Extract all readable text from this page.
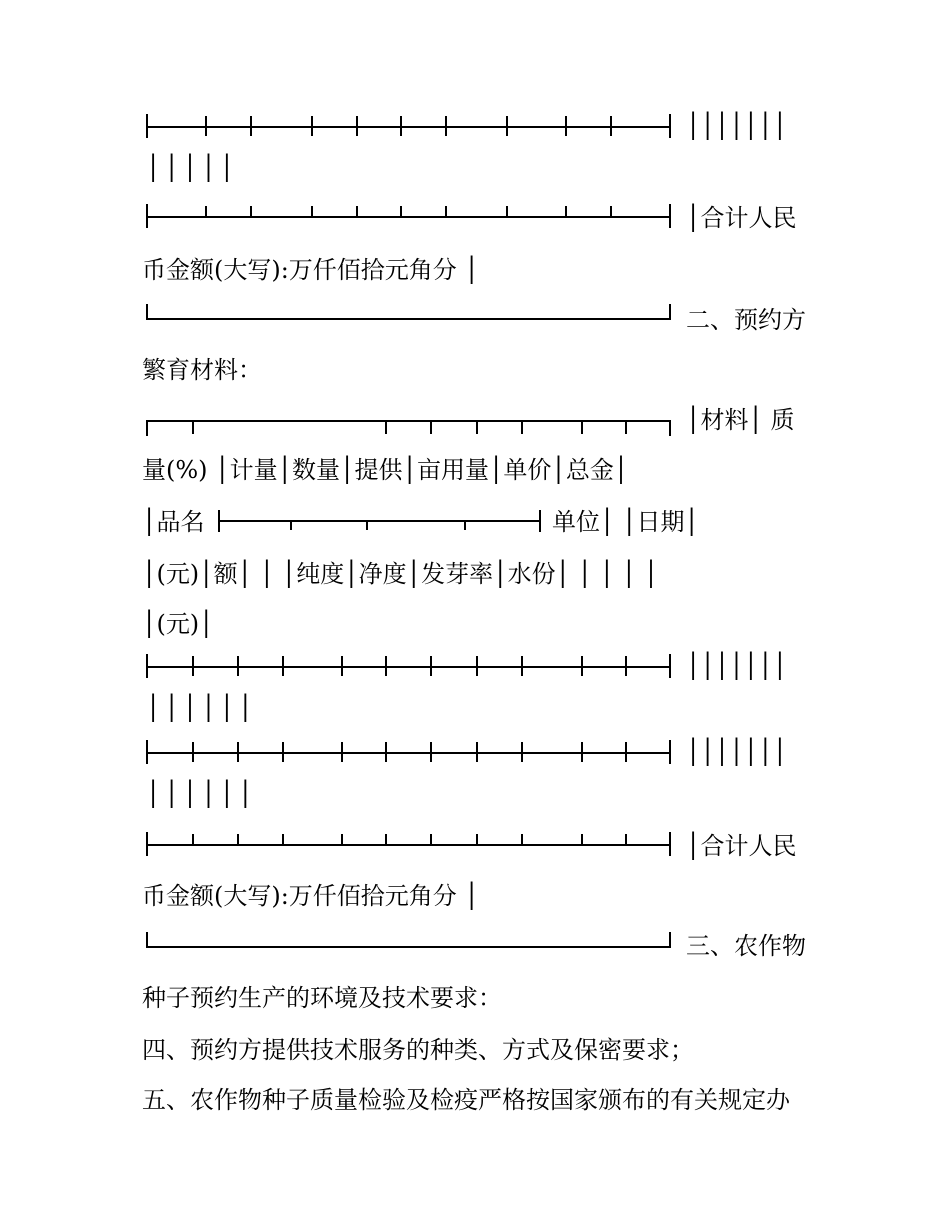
│││││││
│││││
│合计人民
币金额(大写):万仟佰拾元角分 │
二、预约方
繁育材料：
│材料│ 质
量(%) │计量│数量│提供│亩用量│单价│总金│
│品名	单位│ │日期│
│(元)│额│ │ │纯度│净度│发芽率│水份│ │ │ │ │
│(元)│
│││││││
││││││
│││││││
││││││
│合计人民
币金额(大写):万仟佰拾元角分 │
三、农作物
种子预约生产的环境及技术要求：
四、预约方提供技术服务的种类、方式及保密要求；
五、农作物种子质量检验及检疫严格按国家颁布的有关规定办
